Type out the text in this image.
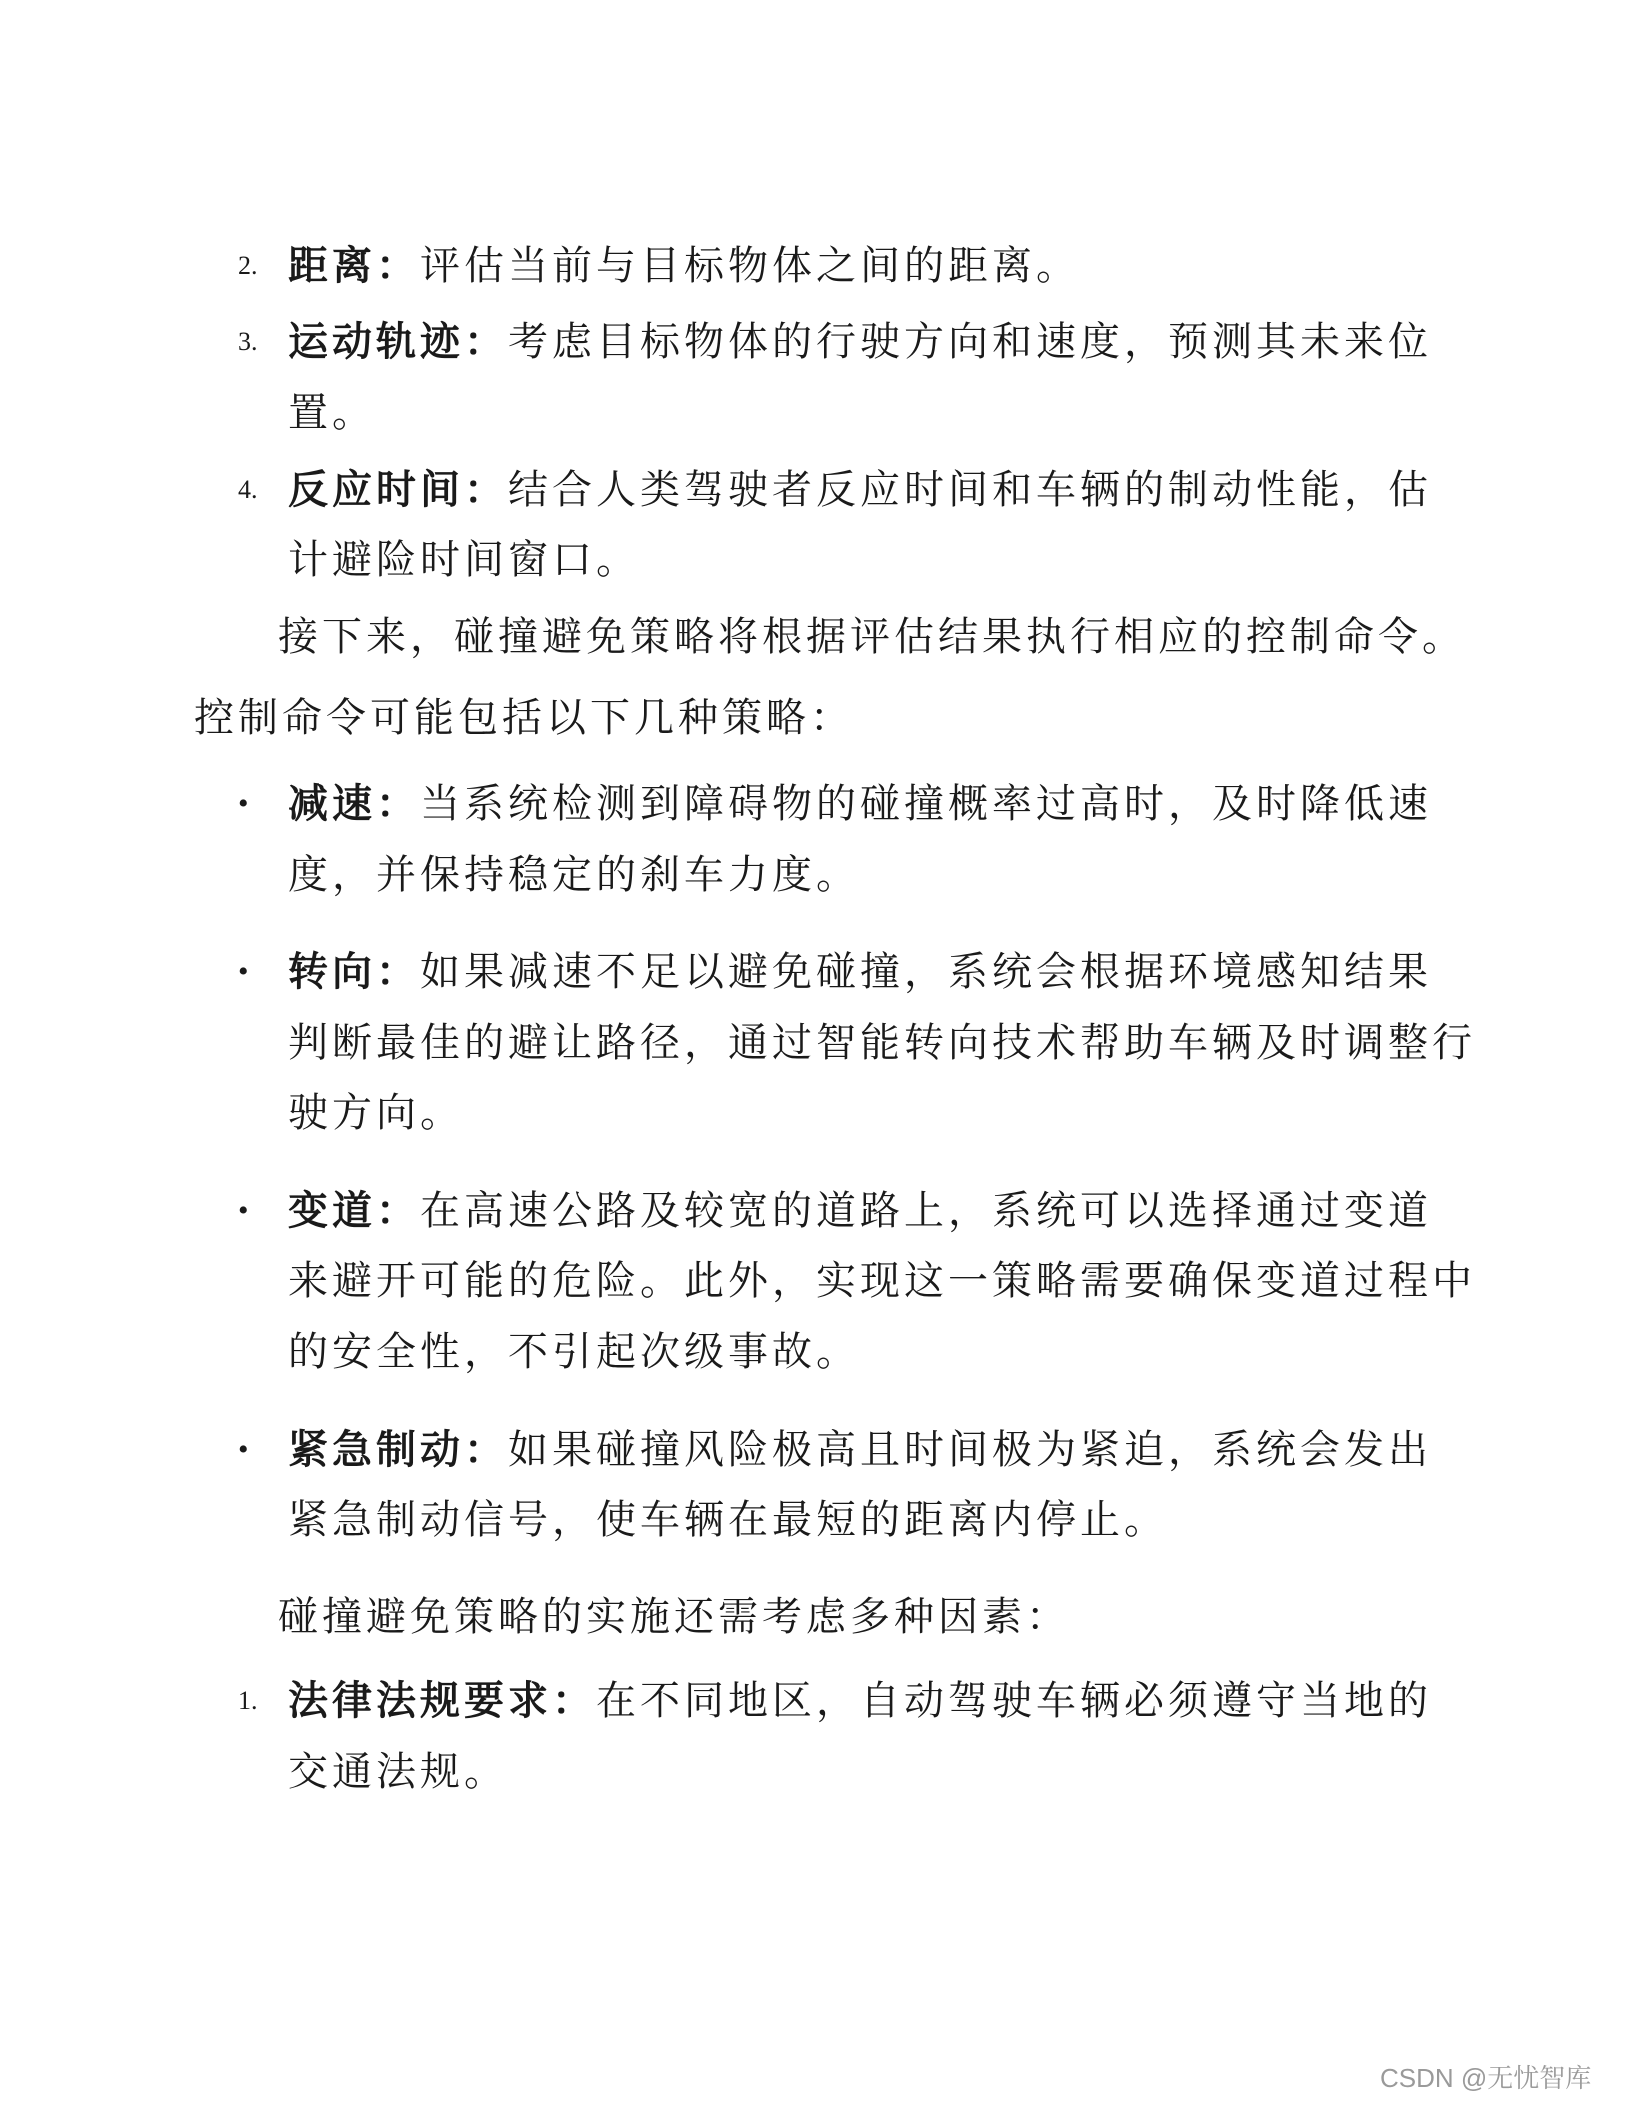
2. 距离：评估当前与目标物体之间的距离。
3. 运动轨迹：考虑目标物体的行驶方向和速度，预测其未来位
置。
4. 反应时间：结合人类驾驶者反应时间和车辆的制动性能，估
计避险时间窗口。
接下来，碰撞避免策略将根据评估结果执行相应的控制命令。
控制命令可能包括以下几种策略：
• 减速：当系统检测到障碍物的碰撞概率过高时，及时降低速
度，并保持稳定的刹车力度。
• 转向：如果减速不足以避免碰撞，系统会根据环境感知结果
判断最佳的避让路径，通过智能转向技术帮助车辆及时调整行
驶方向。
• 变道：在高速公路及较宽的道路上，系统可以选择通过变道
来避开可能的危险。此外，实现这一策略需要确保变道过程中
的安全性，不引起次级事故。
• 紧急制动：如果碰撞风险极高且时间极为紧迫，系统会发出
紧急制动信号，使车辆在最短的距离内停止。
碰撞避免策略的实施还需考虑多种因素：
1. 法律法规要求：在不同地区，自动驾驶车辆必须遵守当地的
交通法规。
CSDN @无忧智库
